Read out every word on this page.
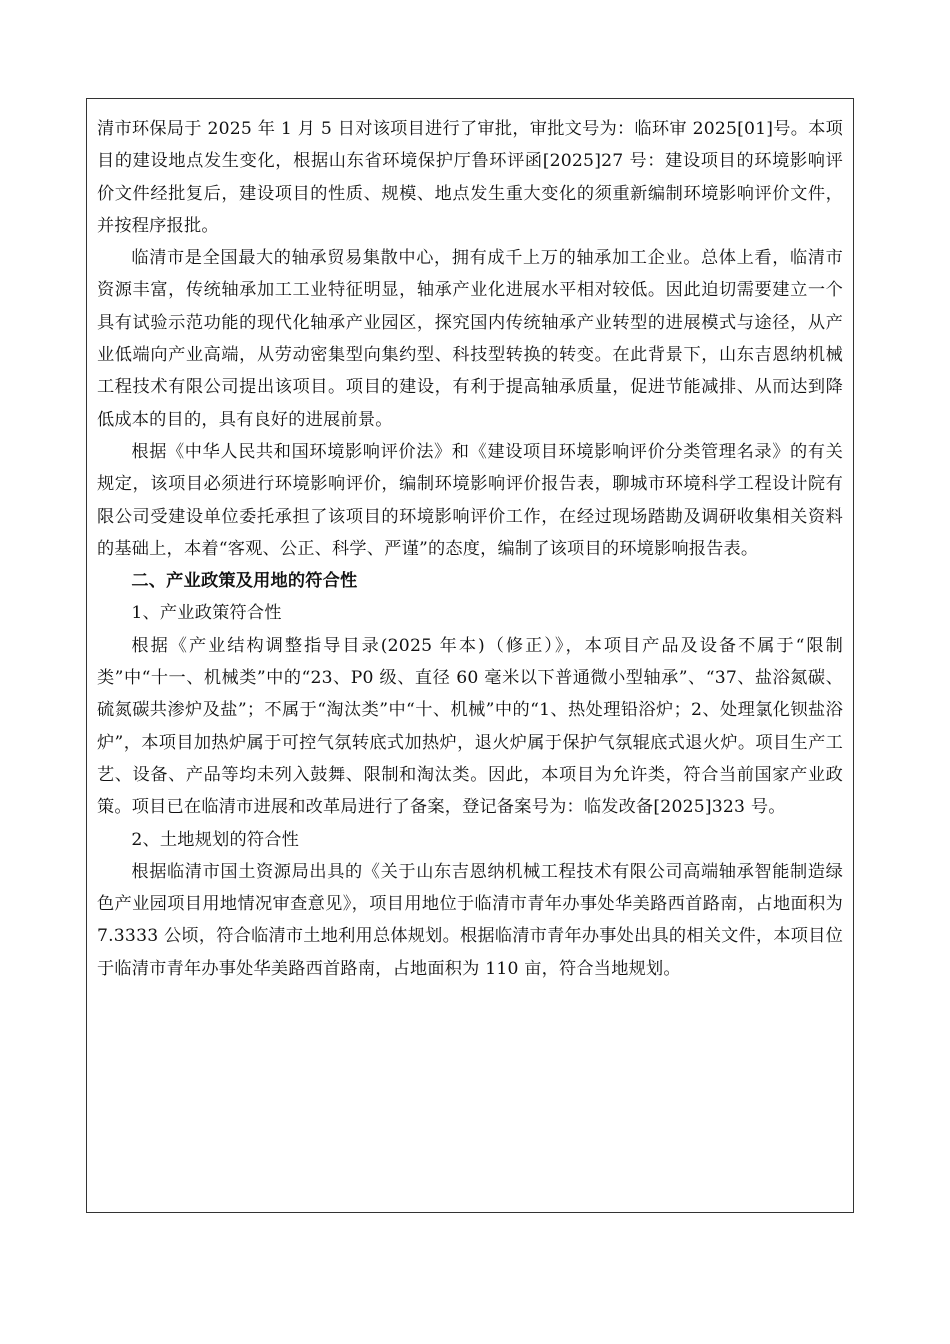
清市环保局于 2025 年 1 月 5 日对该项目进行了审批，审批文号为：临环审 2025[01]号。本项目的建设地点发生变化，根据山东省环境保护厅鲁环评函[2025]27 号：建设项目的环境影响评价文件经批复后，建设项目的性质、规模、地点发生重大变化的须重新编制环境影响评价文件，并按程序报批。

临清市是全国最大的轴承贸易集散中心，拥有成千上万的轴承加工企业。总体上看，临清市资源丰富，传统轴承加工工业特征明显，轴承产业化进展水平相对较低。因此迫切需要建立一个具有试验示范功能的现代化轴承产业园区，探究国内传统轴承产业转型的进展模式与途径，从产业低端向产业高端，从劳动密集型向集约型、科技型转换的转变。在此背景下，山东吉恩纳机械工程技术有限公司提出该项目。项目的建设，有利于提高轴承质量，促进节能减排、从而达到降低成本的目的，具有良好的进展前景。

根据《中华人民共和国环境影响评价法》和《建设项目环境影响评价分类管理名录》的有关规定，该项目必须进行环境影响评价，编制环境影响评价报告表，聊城市环境科学工程设计院有限公司受建设单位委托承担了该项目的环境影响评价工作，在经过现场踏勘及调研收集相关资料的基础上，本着“客观、公正、科学、严谨”的态度，编制了该项目的环境影响报告表。

二、产业政策及用地的符合性

1、产业政策符合性

根据《产业结构调整指导目录(2025 年本)（修正）》，本项目产品及设备不属于“限制类”中“十一、机械类”中的“23、P0 级、直径 60 毫米以下普通微小型轴承”、“37、盐浴氮碳、硫氮碳共渗炉及盐”；不属于“淘汰类”中“十、机械”中的“1、热处理铅浴炉；2、处理氯化钡盐浴炉”，本项目加热炉属于可控气氛转底式加热炉，退火炉属于保护气氛辊底式退火炉。项目生产工艺、设备、产品等均未列入鼓舞、限制和淘汰类。因此，本项目为允许类，符合当前国家产业政策。项目已在临清市进展和改革局进行了备案，登记备案号为：临发改备[2025]323 号。

2、土地规划的符合性

根据临清市国土资源局出具的《关于山东吉恩纳机械工程技术有限公司高端轴承智能制造绿色产业园项目用地情况审查意见》，项目用地位于临清市青年办事处华美路西首路南，占地面积为 7.3333 公顷，符合临清市土地利用总体规划。根据临清市青年办事处出具的相关文件，本项目位于临清市青年办事处华美路西首路南，占地面积为 110 亩，符合当地规划。
